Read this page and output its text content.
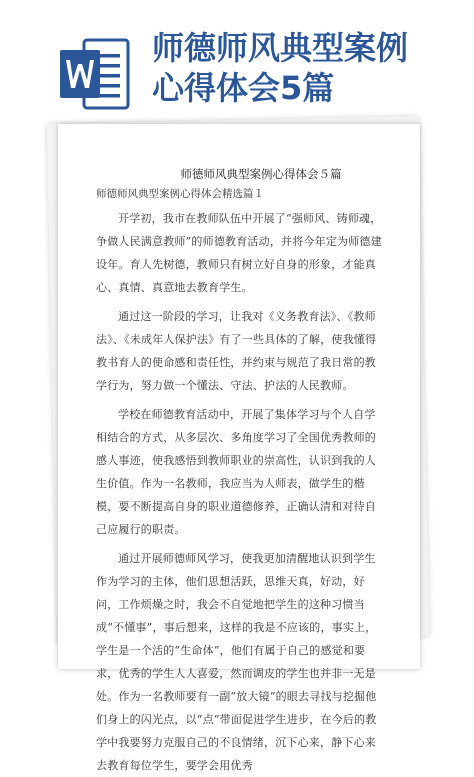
师德师风典型案例
心得体会5篇
师德师风典型案例心得体会５篇
师德师风典型案例心得体会精选篇１

开学初，我市在教师队伍中开展了“强师风、铸师魂，争做人民满意教师”的师德教育活动，并将今年定为师德建设年。育人先树德，教师只有树立好自身的形象，才能真心、真情、真意地去教育学生。

通过这一阶段的学习，让我对《义务教育法》、《教师法》、《未成年人保护法》有了一些具体的了解，使我懂得教书育人的使命感和责任性，并约束与规范了我日常的教学行为，努力做一个懂法、守法、护法的人民教师。

学校在师德教育活动中，开展了集体学习与个人自学相结合的方式，从多层次、多角度学习了全国优秀教师的感人事迹，使我感悟到教师职业的崇高性，认识到我的人生价值。作为一名教师，我应当为人师表，做学生的楷模，要不断提高自身的职业道德修养，正确认清和对待自己应履行的职责。

通过开展师德师风学习，使我更加清醒地认识到学生作为学习的主体，他们思想活跃，思维天真，好动，好问，工作烦燥之时，我会不自觉地把学生的这种习惯当成“不懂事”，事后想来，这样的我是不应该的，事实上，学生是一个活的“生命体”，他们有属于自己的感觉和要求，优秀的学生人人喜爱，然而调皮的学生也并非一无是处。作为一名教师要有一副“放大镜”的眼去寻找与挖掘他们身上的闪光点，以“点”带面促进学生进步，在今后的教学中我要努力克服自己的不良情绪，沉下心来，静下心来去教育每位学生，要学会用优秀
